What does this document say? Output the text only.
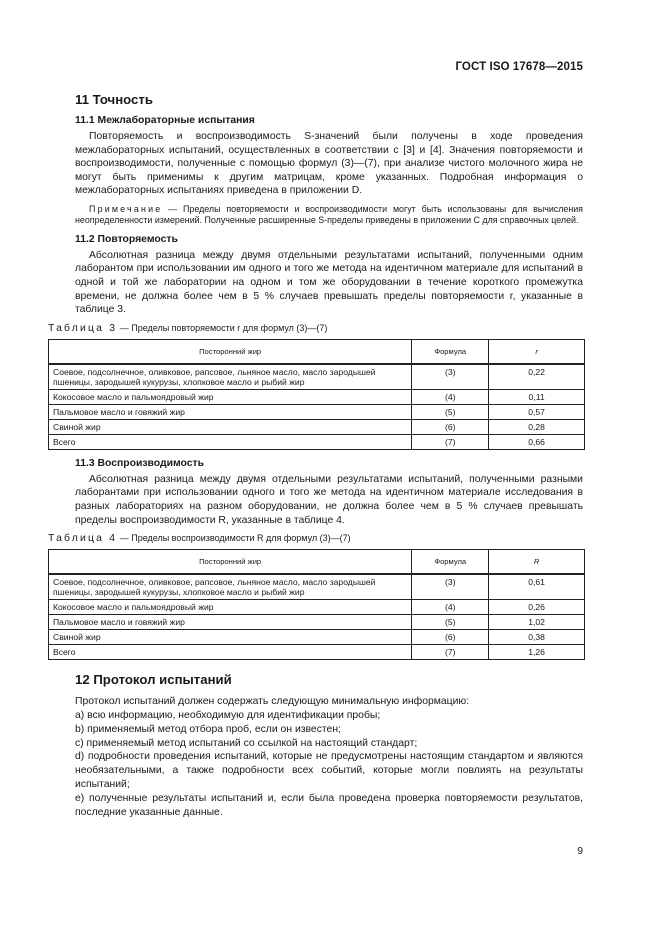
ГОСТ ISO 17678—2015
11 Точность
11.1 Межлабораторные испытания

Повторяемость и воспроизводимость S-значений были получены в ходе проведения межлабораторных испытаний, осуществленных в соответствии с [3] и [4]. Значения повторяемости и воспроизводимости, полученные с помощью формул (3)—(7), при анализе чистого молочного жира не могут быть применимы к другим матрицам, кроме указанных. Подробная информация о межлабораторных испытаниях приведена в приложении D.

Примечание — Пределы повторяемости и воспроизводимости могут быть использованы для вычисления неопределенности измерений. Полученные расширенные S-пределы приведены в приложении С для справочных целей.

11.2 Повторяемость

Абсолютная разница между двумя отдельными результатами испытаний, полученными одним лаборантом при использовании им одного и того же метода на идентичном материале для испытаний в одной и той же лаборатории на одном и том же оборудовании в течение короткого промежутка времени, не должна более чем в 5 % случаев превышать пределы повторяемости r, указанные в таблице 3.

Таблица 3 — Пределы повторяемости r для формул (3)—(7)
Посторонний жир	Формула	r
Соевое, подсолнечное, оливковое, рапсовое, льняное масло, масло зародышей пшеницы, зародышей кукурузы, хлопковое масло и рыбий жир	(3)	0,22
Кокосовое масло и пальмоядровый жир	(4)	0,11
Пальмовое масло и говяжий жир	(5)	0,57
Свиной жир	(6)	0,28
Всего	(7)	0,66
11.3 Воспроизводимость

Абсолютная разница между двумя отдельными результатами испытаний, полученными разными лаборантами при использовании одного и того же метода на идентичном материале исследования в разных лабораториях на разном оборудовании, не должна более чем в 5 % случаев превышать пределы воспроизводимости R, указанные в таблице 4.

Таблица 4 — Пределы воспроизводимости R для формул (3)—(7)
Посторонний жир	Формула	R
Соевое, подсолнечное, оливковое, рапсовое, льняное масло, масло зародышей пшеницы, зародышей кукурузы, хлопковое масло и рыбий жир	(3)	0,61
Кокосовое масло и пальмоядровый жир	(4)	0,26
Пальмовое масло и говяжий жир	(5)	1,02
Свиной жир	(6)	0,38
Всего	(7)	1,26
12 Протокол испытаний

Протокол испытаний должен содержать следующую минимальную информацию:

а) всю информацию, необходимую для идентификации пробы;

b) применяемый метод отбора проб, если он известен;

c) применяемый метод испытаний со ссылкой на настоящий стандарт;

d) подробности проведения испытаний, которые не предусмотрены настоящим стандартом и являются необязательными, а также подробности всех событий, которые могли повлиять на результаты испытаний;

e) полученные результаты испытаний и, если была проведена проверка повторяемости результатов, последние указанные данные.

9
